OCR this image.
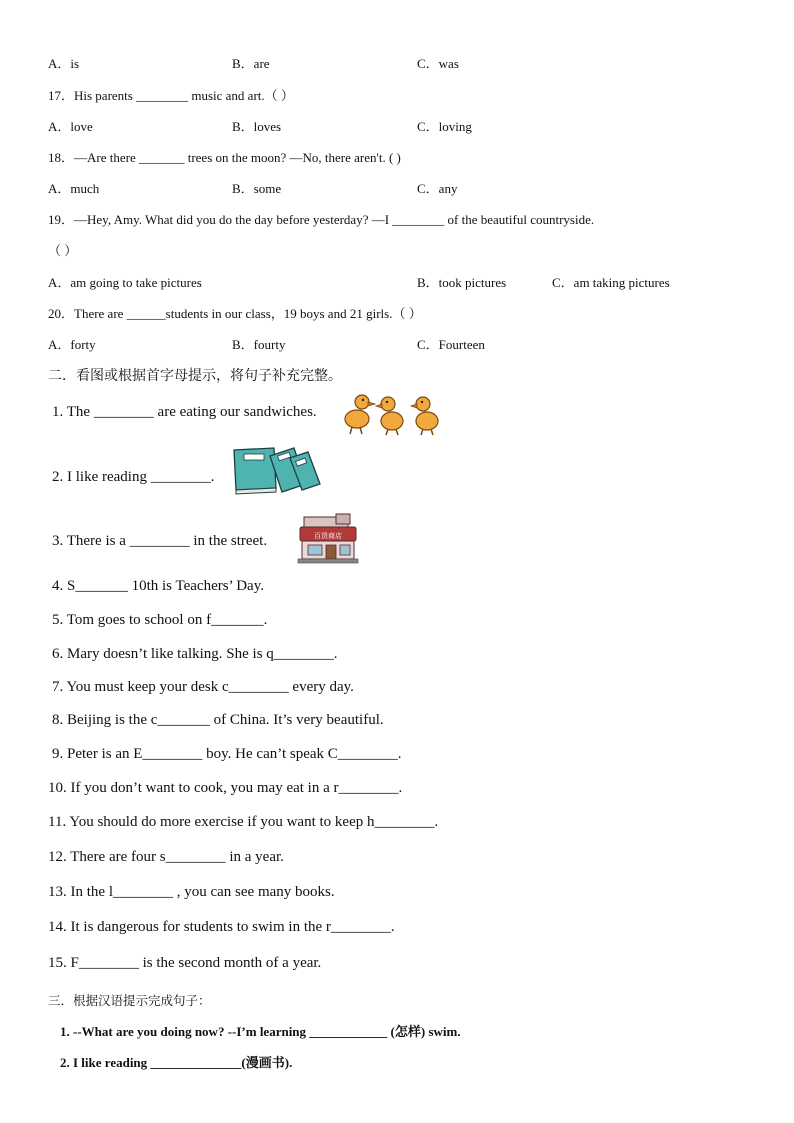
A．is	B．are	C．was
17．His parents ________ music and art.（ ）
A．love	B．loves	C．loving
18．—Are there _______ trees on the moon? —No, there aren't. ( )
A．much	B．some	C．any
19．—Hey, Amy. What did you do the day before yesterday? —I ________ of the beautiful countryside.
（ ）
A．am going to take pictures	B．took pictures	C．am taking pictures
20．There are ______students in our class，19 boys and 21 girls.（ ）
A．forty	B．fourty	C．Fourteen
二．看图或根据首字母提示，将句子补充完整。
1. The ________ are eating our sandwiches.
2. I like reading ________.
3. There is a ________ in the street.
4. S_______ 10th is Teachers’ Day.
5. Tom goes to school on f_______.
6. Mary doesn’t like talking. She is q________.
7. You must keep your desk c________ every day.
8. Beijing is the c_______ of China. It’s very beautiful.
9. Peter is an E________ boy. He can’t speak C________.
10. If you don’t want to cook, you may eat in a r________.
11. You should do more exercise if you want to keep h________.
12. There are four s________ in a year.
13. In the l________ , you can see many books.
14. It is dangerous for students to swim in the r________.
15. F________ is the second month of a year.
百货商店
三．根据汉语提示完成句子：
1. --What are you doing now? --I’m learning ____________ (怎样) swim.
2. I like reading ______________(漫画书).
